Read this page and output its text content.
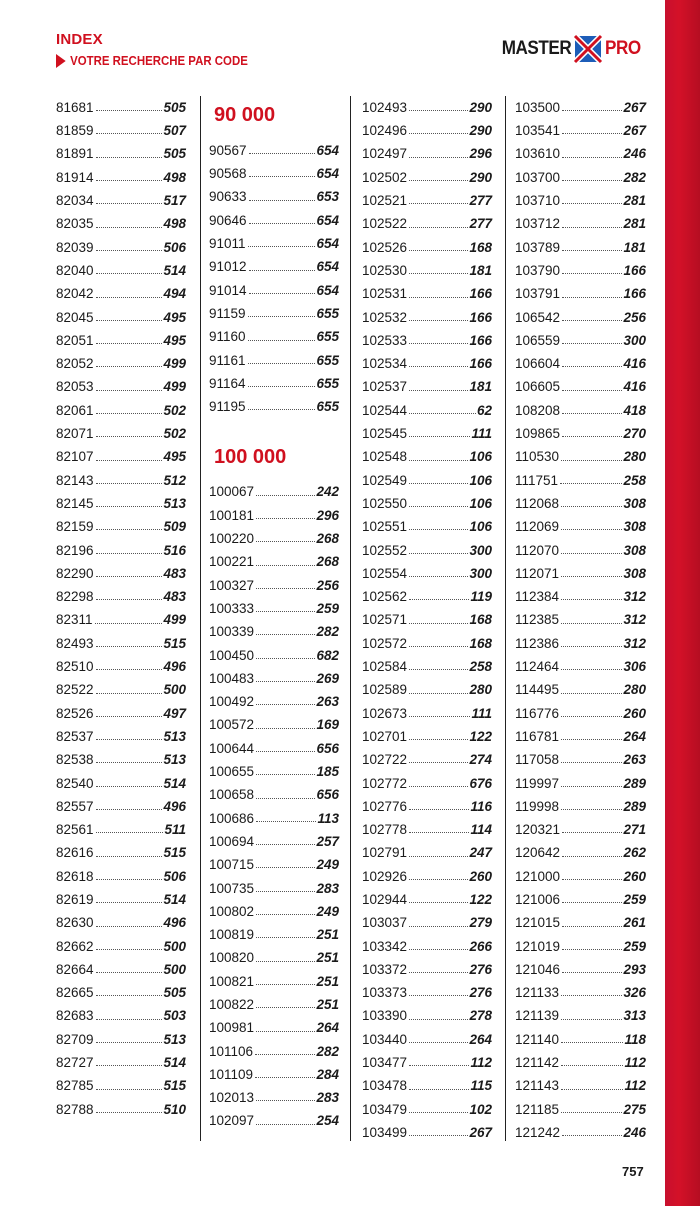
INDEX
VOTRE RECHERCHE PAR CODE
MASTER PRO
81681	505
81859	507
81891	505
81914	498
82034	517
82035	498
82039	506
82040	514
82042	494
82045	495
82051	495
82052	499
82053	499
82061	502
82071	502
82107	495
82143	512
82145	513
82159	509
82196	516
82290	483
82298	483
82311	499
82493	515
82510	496
82522	500
82526	497
82537	513
82538	513
82540	514
82557	496
82561	511
82616	515
82618	506
82619	514
82630	496
82662	500
82664	500
82665	505
82683	503
82709	513
82727	514
82785	515
82788	510
90 000
90567	654
90568	654
90633	653
90646	654
91011	654
91012	654
91014	654
91159	655
91160	655
91161	655
91164	655
91195	655
100 000
100067	242
100181	296
100220	268
100221	268
100327	256
100333	259
100339	282
100450	682
100483	269
100492	263
100572	169
100644	656
100655	185
100658	656
100686	113
100694	257
100715	249
100735	283
100802	249
100819	251
100820	251
100821	251
100822	251
100981	264
101106	282
101109	284
102013	283
102097	254
102493	290
102496	290
102497	296
102502	290
102521	277
102522	277
102526	168
102530	181
102531	166
102532	166
102533	166
102534	166
102537	181
102544	62
102545	111
102548	106
102549	106
102550	106
102551	106
102552	300
102554	300
102562	119
102571	168
102572	168
102584	258
102589	280
102673	111
102701	122
102722	274
102772	676
102776	116
102778	114
102791	247
102926	260
102944	122
103037	279
103342	266
103372	276
103373	276
103390	278
103440	264
103477	112
103478	115
103479	102
103499	267
103500	267
103541	267
103610	246
103700	282
103710	281
103712	281
103789	181
103790	166
103791	166
106542	256
106559	300
106604	416
106605	416
108208	418
109865	270
110530	280
111751	258
112068	308
112069	308
112070	308
112071	308
112384	312
112385	312
112386	312
112464	306
114495	280
116776	260
116781	264
117058	263
119997	289
119998	289
120321	271
120642	262
121000	260
121006	259
121015	261
121019	259
121046	293
121133	326
121139	313
121140	118
121142	112
121143	112
121185	275
121242	246
757
